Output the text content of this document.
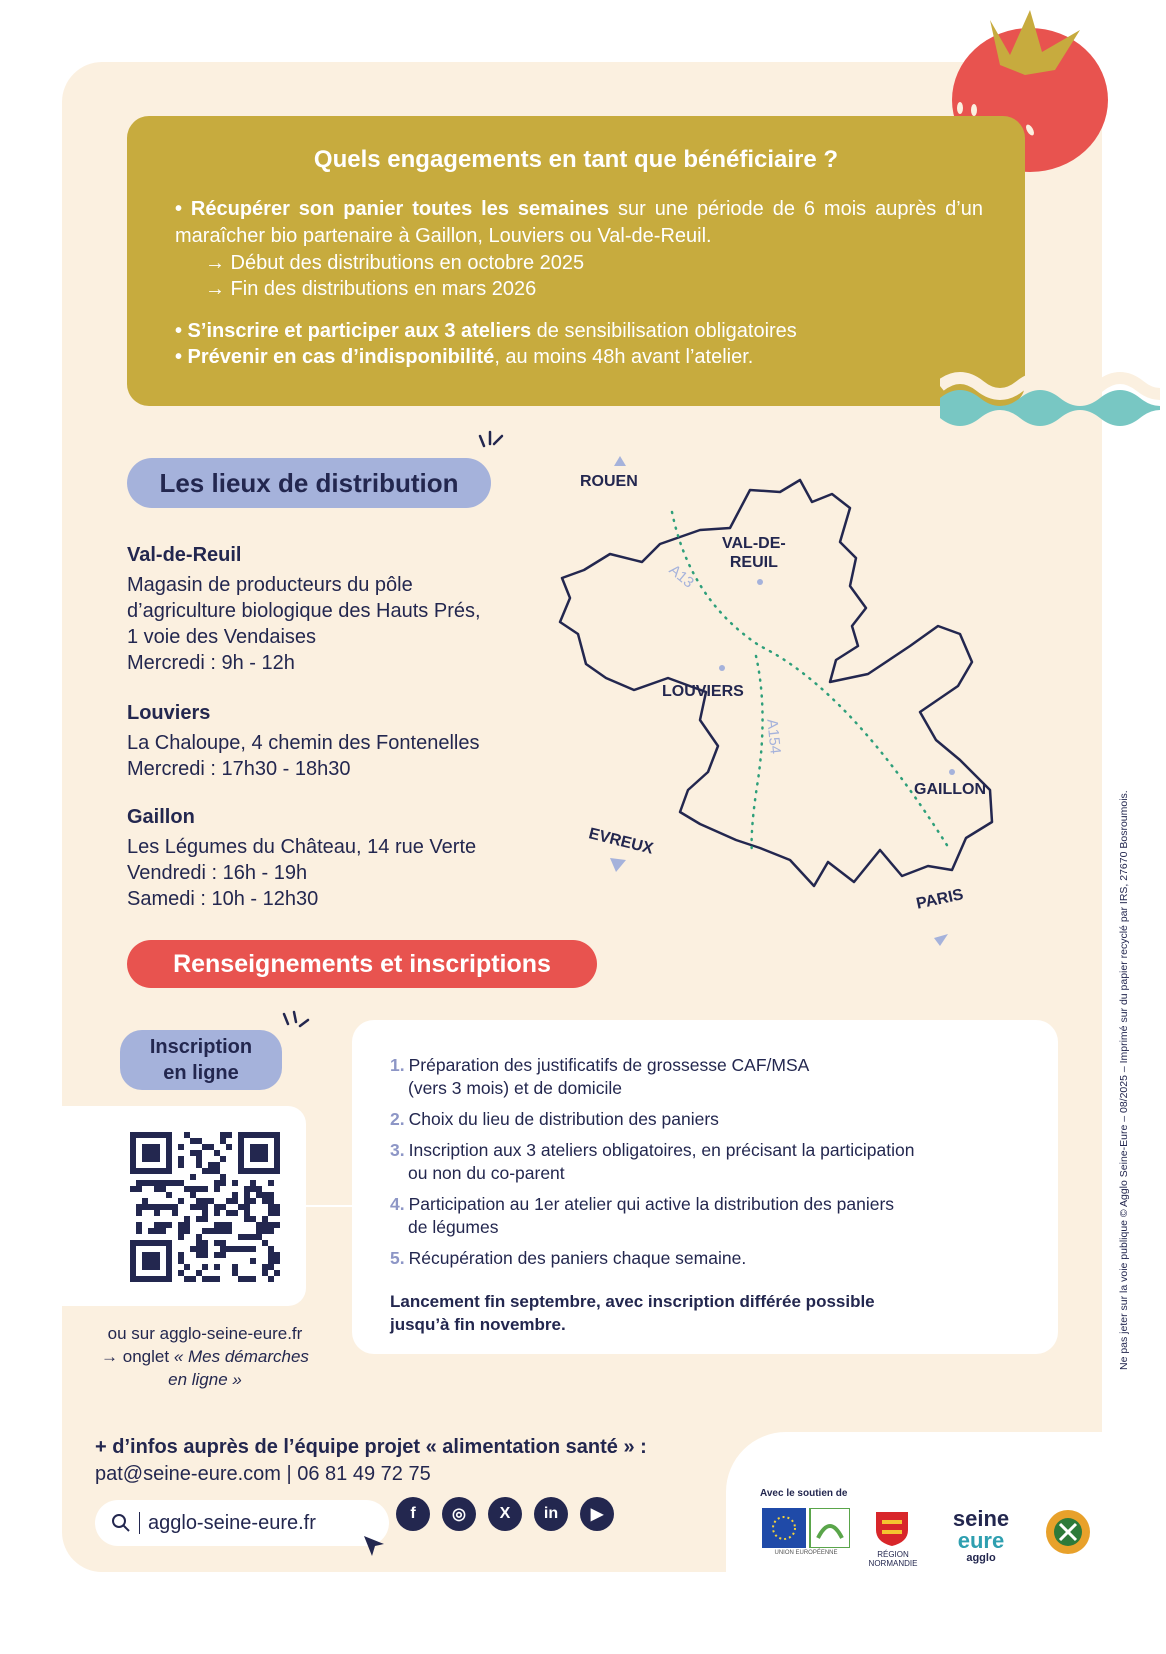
Quels engagements en tant que bénéficiaire ?
• Récupérer son panier toutes les semaines sur une période de 6 mois auprès d’un maraîcher bio partenaire à Gaillon, Louviers ou Val-de-Reuil.
→ Début des distributions en octobre 2025
→ Fin des distributions en mars 2026
• S’inscrire et participer aux 3 ateliers de sensibilisation obligatoires
• Prévenir en cas d’indisponibilité, au moins 48h avant l’atelier.
Les lieux de distribution
Val-de-Reuil
Magasin de producteurs du pôle
d’agriculture biologique des Hauts Prés,
1 voie des Vendaises
Mercredi : 9h - 12h
Louviers
La Chaloupe, 4 chemin des Fontenelles
Mercredi : 17h30 - 18h30
Gaillon
Les Légumes du Château, 14 rue Verte
Vendredi : 16h - 19h
Samedi : 10h - 12h30
ROUEN
VAL-DE-
REUIL
LOUVIERS
GAILLON
EVREUX
PARIS
A13
A154
Renseignements et inscriptions
Inscription
en ligne
ou sur agglo-seine-eure.fr
→ onglet « Mes démarches
en ligne »
1. Préparation des justificatifs de grossesse CAF/MSA
(vers 3 mois) et de domicile
2. Choix du lieu de distribution des paniers
3. Inscription aux 3 ateliers obligatoires, en précisant la participation
ou non du co-parent
4. Participation au 1er atelier qui active la distribution des paniers
de légumes
5. Récupération des paniers chaque semaine.
Lancement fin septembre, avec inscription différée possible
jusqu’à fin novembre.
+ d’infos auprès de l’équipe projet « alimentation santé » :
pat@seine-eure.com | 06 81 49 72 75
agglo-seine-eure.fr	f	◎	X	in	▶
Avec le soutien de
UNION EUROPÉENNE	RÉGION
NORMANDIE
seine
eure
agglo
Ne pas jeter sur la voie publique © Agglo Seine-Eure – 08/2025 – Imprimé sur du papier recyclé par IRS, 27670 Bosroumois.
